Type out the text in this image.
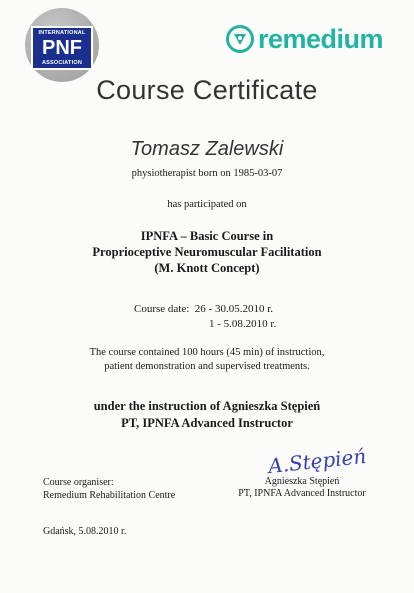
INTERNATIONAL
PNF
ASSOCIATION
remedium
Course Certificate
Tomasz Zalewski
physiotherapist born on 1985-03-07
has participated on
IPNFA – Basic Course in
Proprioceptive Neuromuscular Facilitation
(M. Knott Concept)
Course date: 26 - 30.05.2010 r.
1 - 5.08.2010 r.
The course contained 100 hours (45 min) of instruction,
patient demonstration and supervised treatments.
under the instruction of Agnieszka Stępień
PT, IPNFA Advanced Instructor
Course organiser:
Remedium Rehabilitation Centre
A.Stępień
Agnieszka Stępień
PT, IPNFA Advanced Instructor
Gdańsk, 5.08.2010 r.
